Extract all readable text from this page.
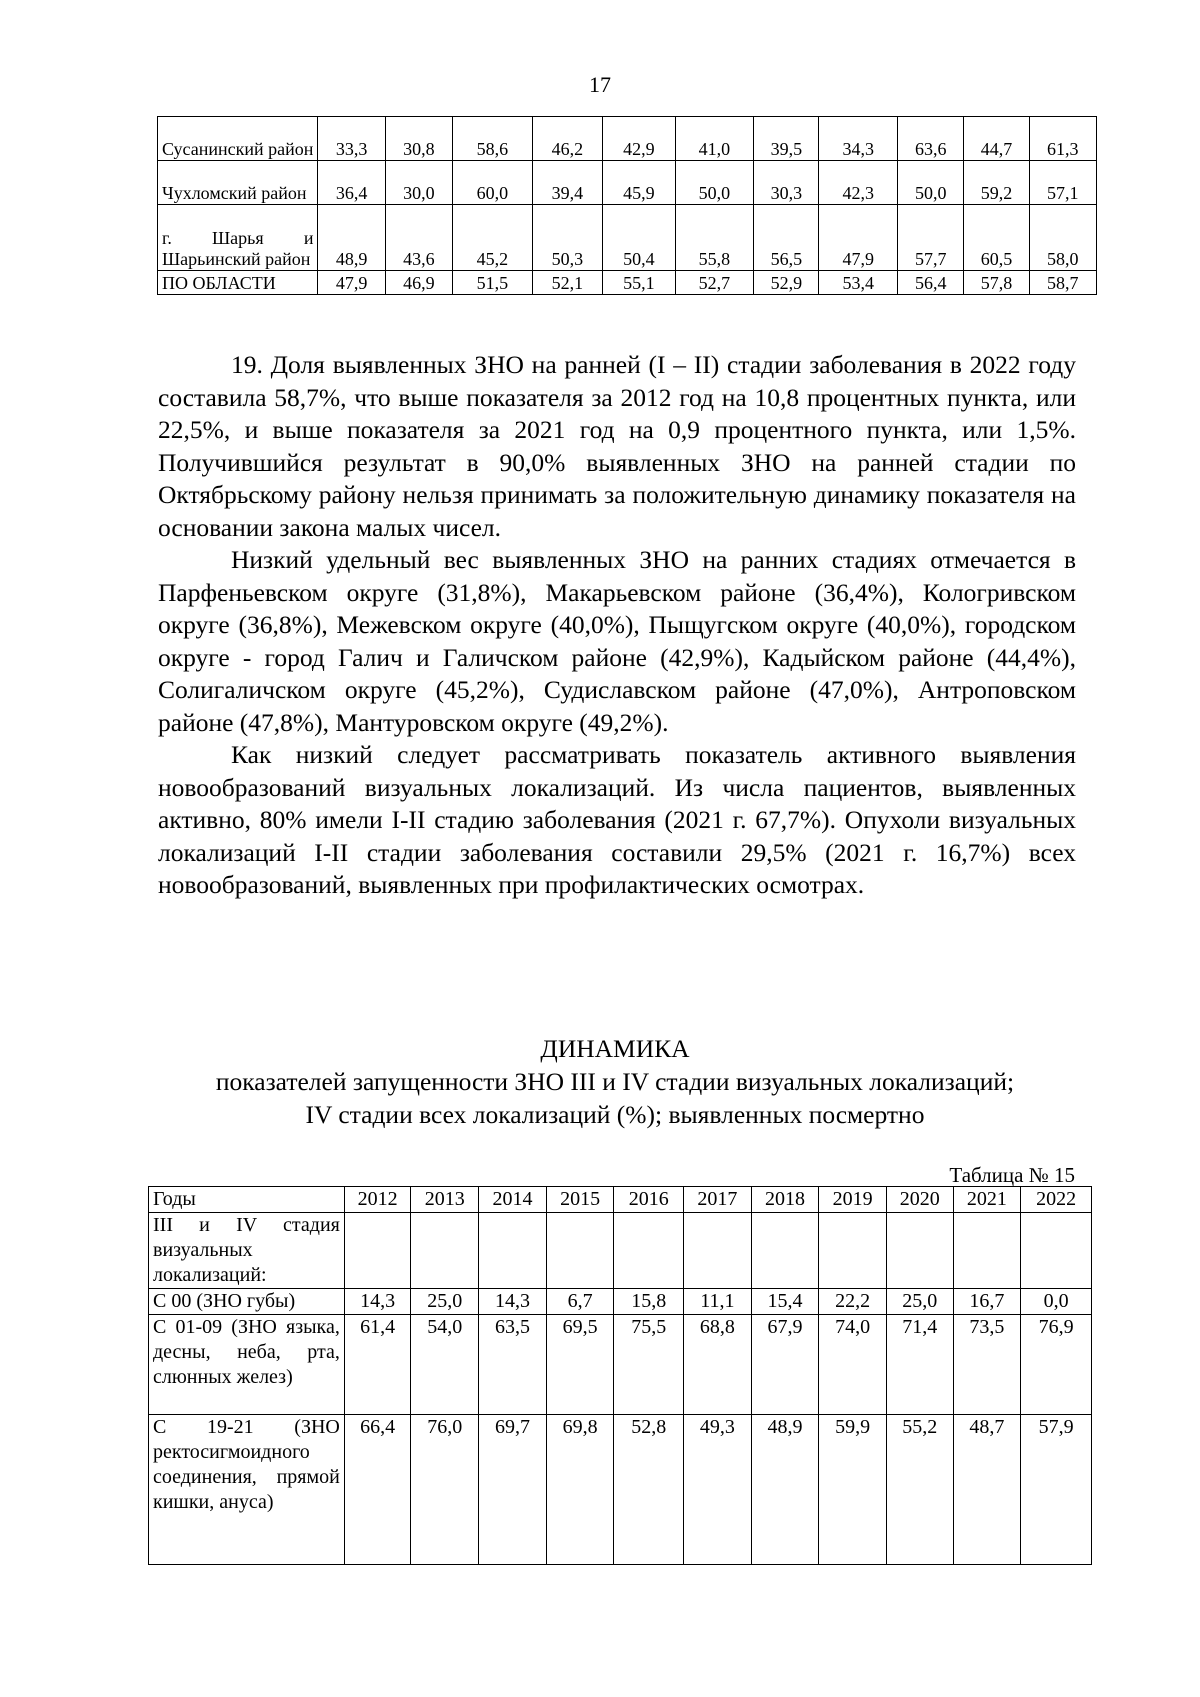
17
Сусанинский район	33,3	30,8	58,6	46,2	42,9	41,0	39,5	34,3	63,6	44,7	61,3
Чухломский район	36,4	30,0	60,0	39,4	45,9	50,0	30,3	42,3	50,0	59,2	57,1
г. Шарья и Шарьинский район	48,9	43,6	45,2	50,3	50,4	55,8	56,5	47,9	57,7	60,5	58,0
ПО ОБЛАСТИ	47,9	46,9	51,5	52,1	55,1	52,7	52,9	53,4	56,4	57,8	58,7

19. Доля выявленных ЗНО на ранней (I – II) стадии заболевания в 2022 году составила 58,7%, что выше показателя за 2012 год на 10,8 процентных пункта, или 22,5%, и выше показателя за 2021 год на 0,9 процентного пункта, или 1,5%. Получившийся результат в 90,0% выявленных ЗНО на ранней стадии по Октябрьскому району нельзя принимать за положительную динамику показателя на основании закона малых чисел.

Низкий удельный вес выявленных ЗНО на ранних стадиях отмечается в Парфеньевском округе (31,8%), Макарьевском районе (36,4%), Кологривском округе (36,8%), Межевском округе (40,0%), Пыщугском округе (40,0%), городском округе - город Галич и Галичском районе (42,9%), Кадыйском районе (44,4%), Солигаличском округе (45,2%), Судиславском районе (47,0%), Антроповском районе (47,8%), Мантуровском округе (49,2%).

Как низкий следует рассматривать показатель активного выявления новообразований визуальных локализаций. Из числа пациентов, выявленных активно, 80% имели I-II стадию заболевания (2021 г. 67,7%). Опухоли визуальных локализаций I-II стадии заболевания составили 29,5% (2021 г. 16,7%) всех новообразований, выявленных при профилактических осмотрах.

ДИНАМИКА
показателей запущенности ЗНО III и IV стадии визуальных локализаций;
IV стадии всех локализаций (%); выявленных посмертно
Таблица № 15
Годы	2012	2013	2014	2015	2016	2017	2018	2019	2020	2021	2022
III и IV стадия визуальных локализаций:											
С 00 (ЗНО губы)	14,3	25,0	14,3	6,7	15,8	11,1	15,4	22,2	25,0	16,7	0,0
С 01-09 (ЗНО языка, десны, неба, рта, слюнных желез)	61,4	54,0	63,5	69,5	75,5	68,8	67,9	74,0	71,4	73,5	76,9
С 19-21 (ЗНО ректосигмоидного соединения, прямой кишки, ануса)	66,4	76,0	69,7	69,8	52,8	49,3	48,9	59,9	55,2	48,7	57,9
